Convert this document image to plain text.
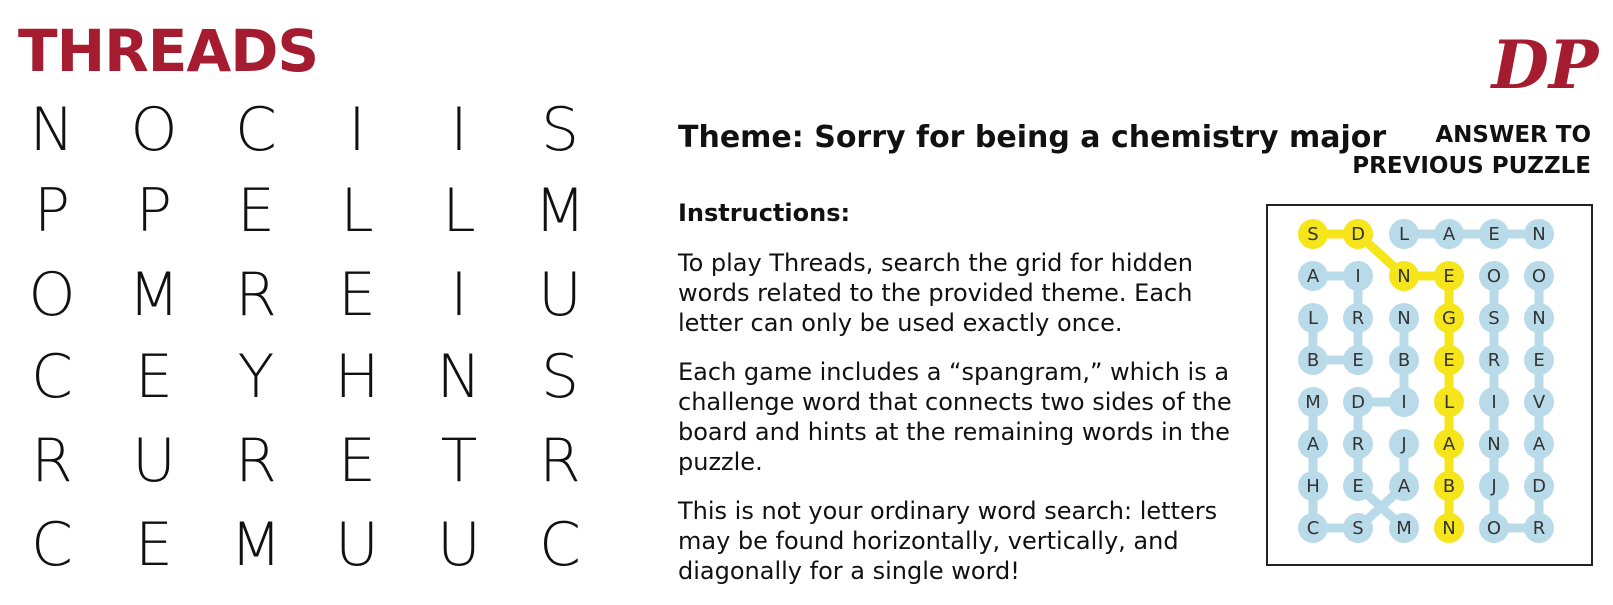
THREADS
N O C	I	I	S
P	P	E	L	L M
O M R	E	I	U
C	E	Y	H N S
R U R	E	T	R
C	E M U U C
Theme: Sorry for being a chemistry major
Instructions:
To play Threads, search the grid for hidden words related to the provided theme. Each letter can only be used exactly once.
Each game includes a “spangram,” which is a challenge word that connects two sides of the board and hints at the remaining words in the puzzle.
This is not your ordinary word search: letters may be found horizontally, vertically, and diagonally for a single word!
DP
ANSWER TO
PREVIOUS PUZZLE
S D L A E N
A I N E O O
L R N G S N
B E B E R E
M D I L I V
A R J A N A
H E A B J D
C S M N O R
